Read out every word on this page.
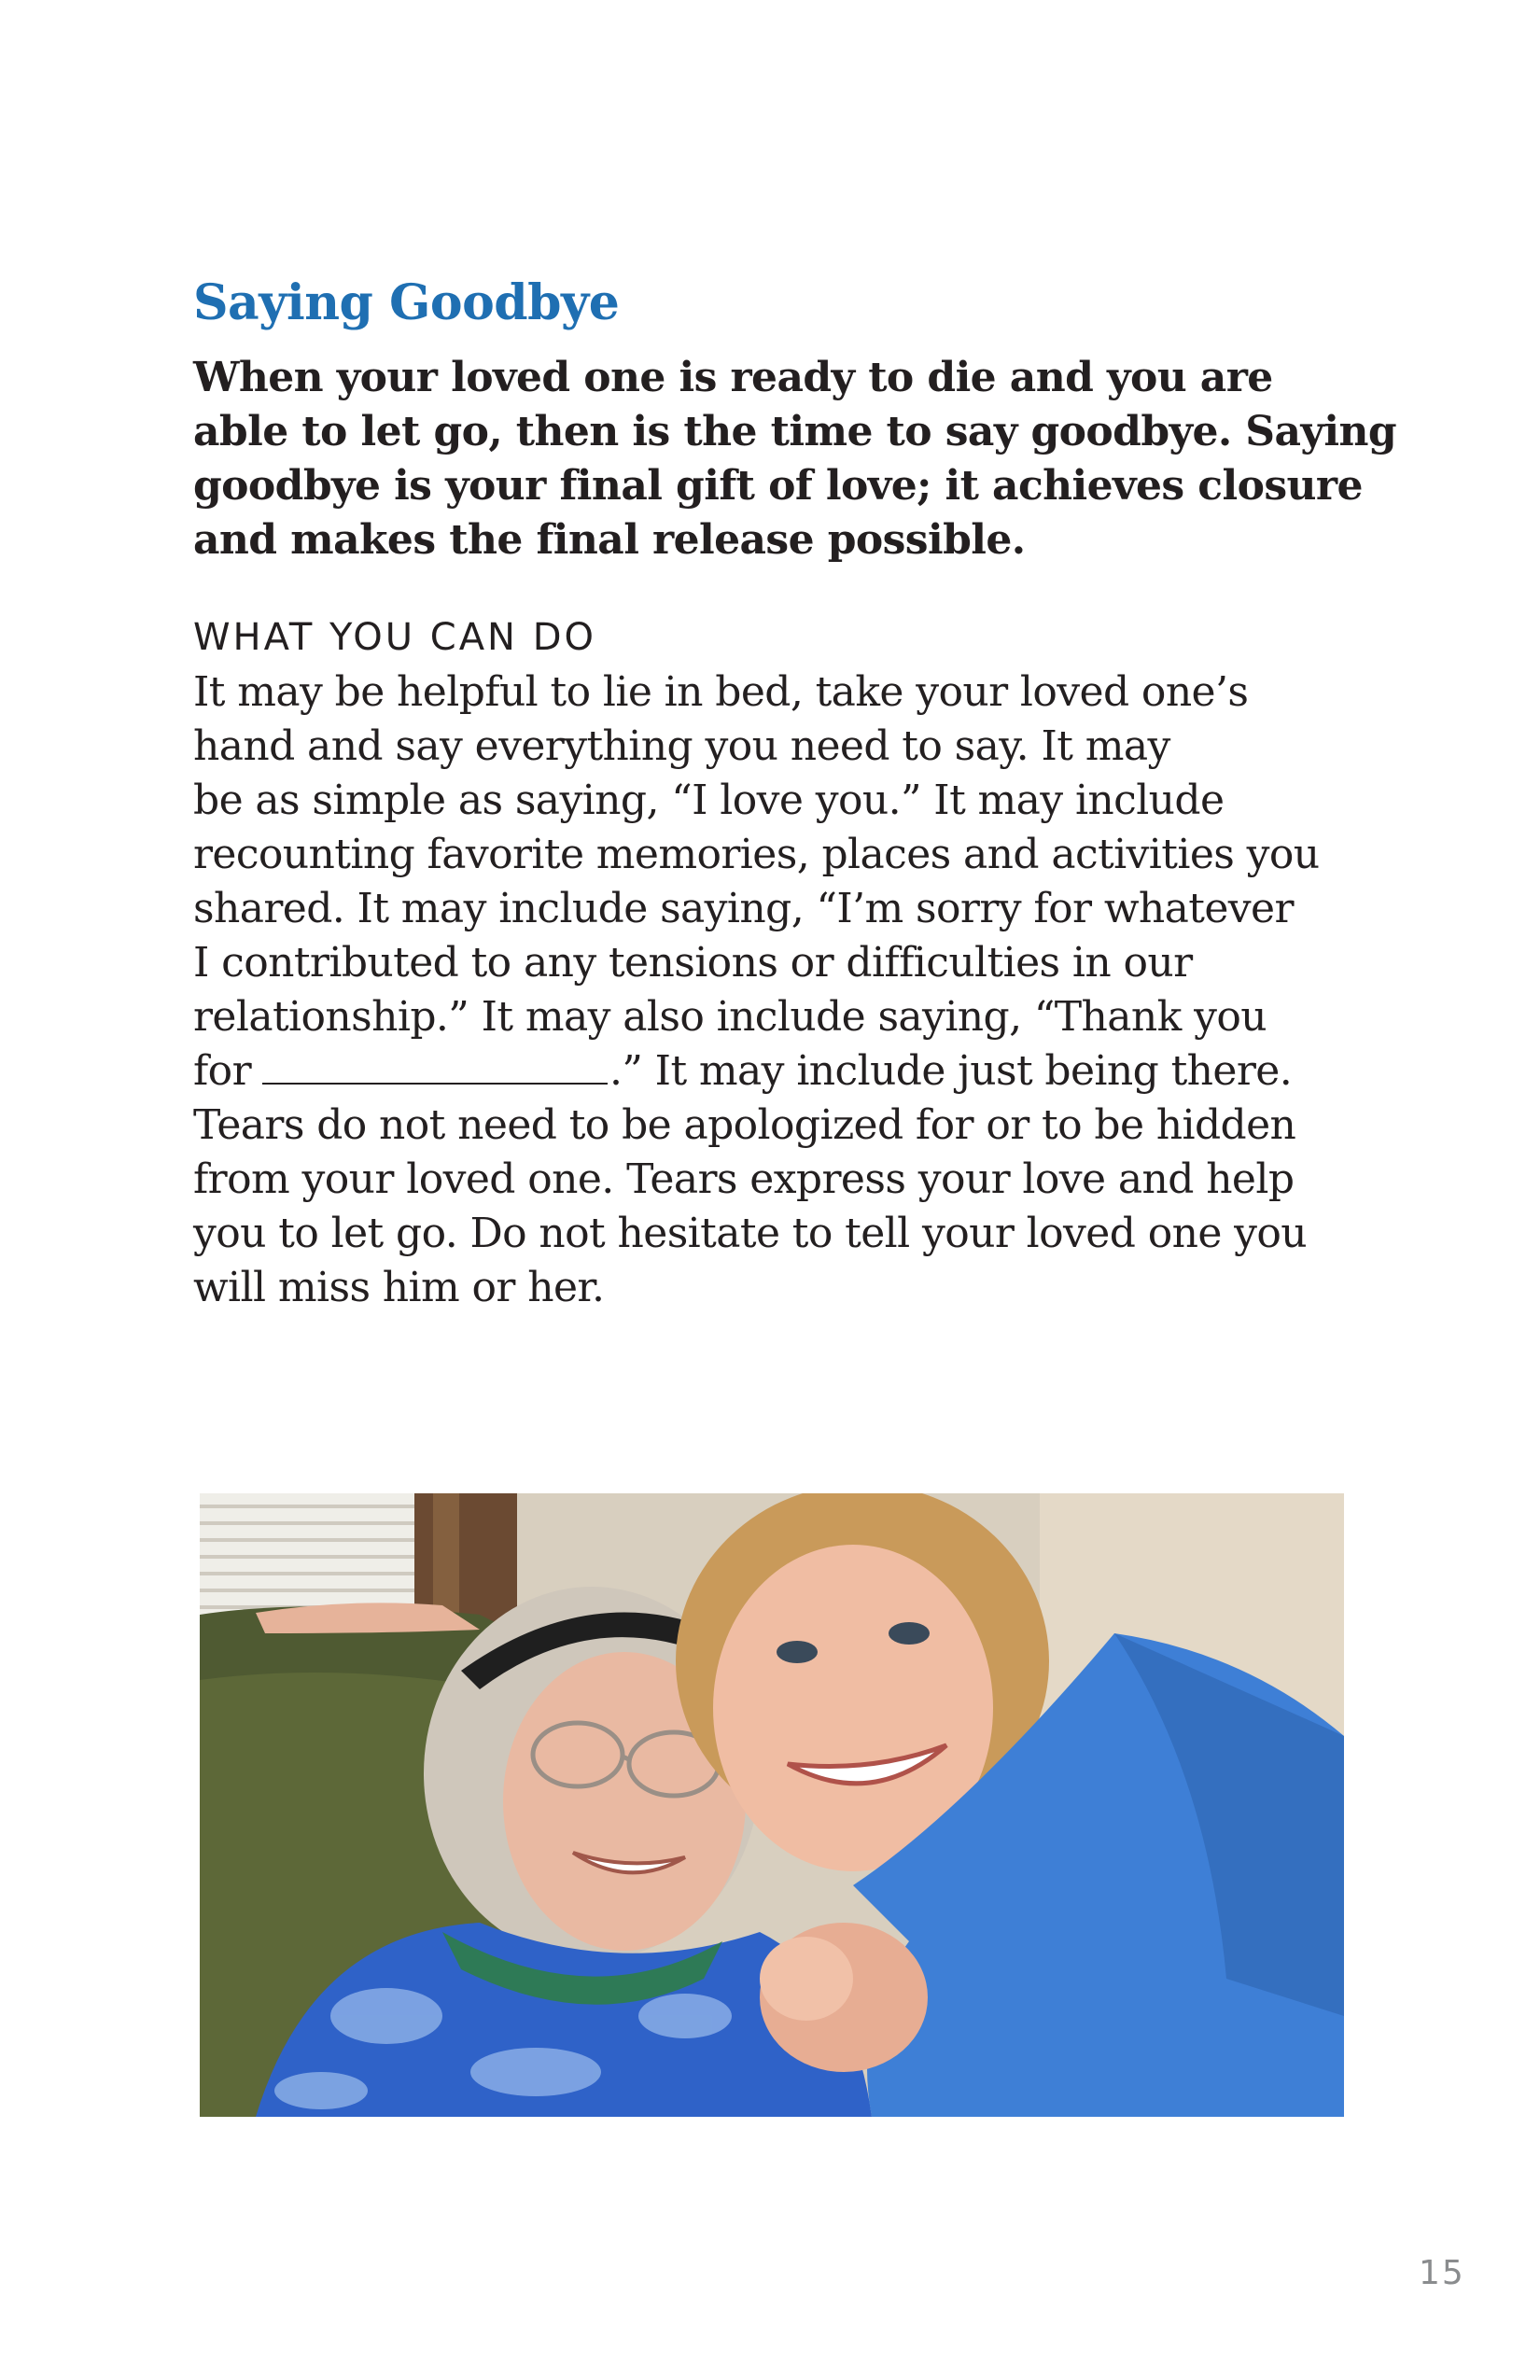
Saying Goodbye

When your loved one is ready to die and you are
able to let go, then is the time to say goodbye. Saying
goodbye is your final gift of love; it achieves closure
and makes the final release possible.

WHAT YOU CAN DO

It may be helpful to lie in bed, take your loved one’s
hand and say everything you need to say. It may
be as simple as saying, “I love you.” It may include
recounting favorite memories, places and activities you
shared. It may include saying, “I’m sorry for whatever
I contributed to any tensions or difficulties in our
relationship.” It may also include saying, “Thank you
for	.” It may include just being there.
Tears do not need to be apologized for or to be hidden
from your loved one. Tears express your love and help
you to let go. Do not hesitate to tell your loved one you
will miss him or her.

15
